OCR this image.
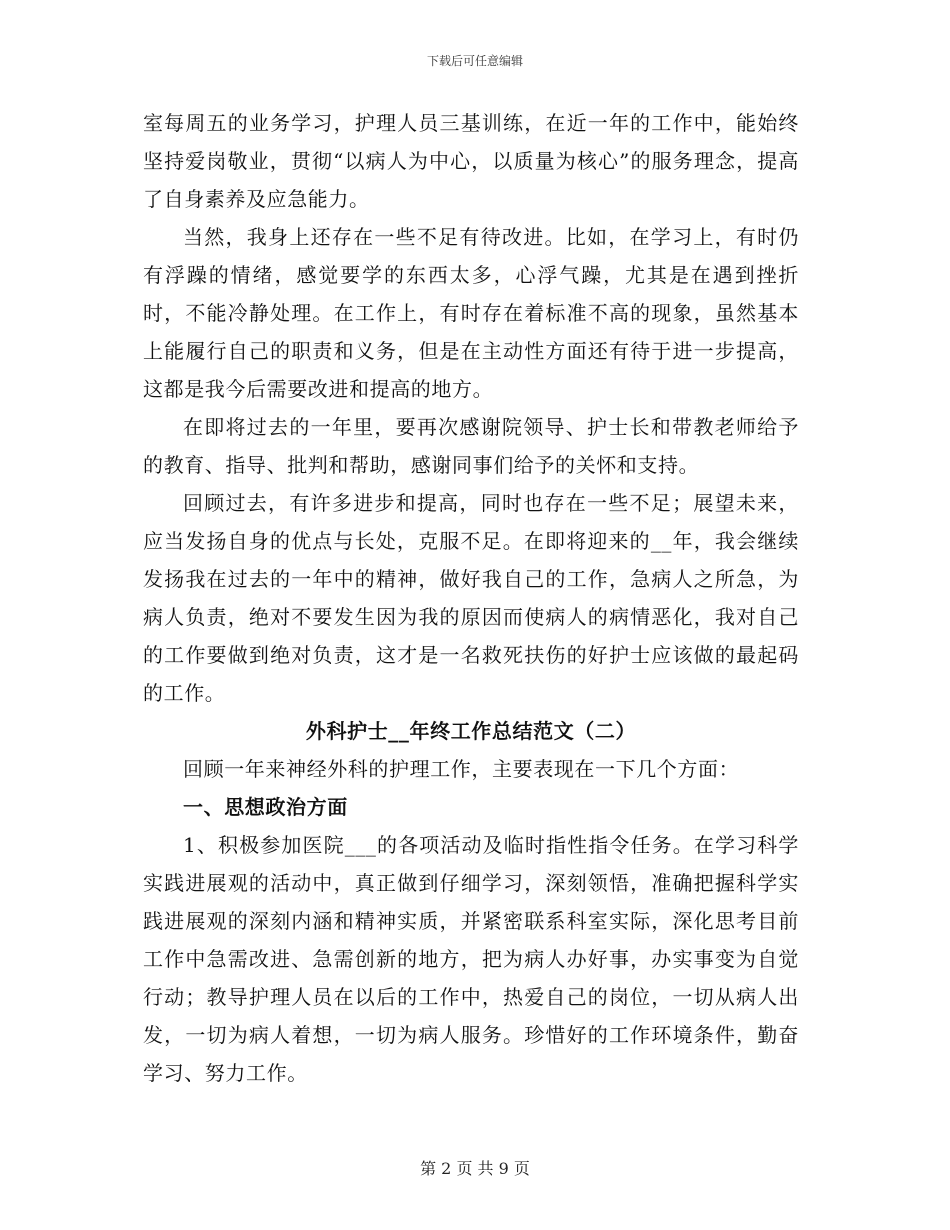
下载后可任意编辑

室每周五的业务学习，护理人员三基训练，在近一年的工作中，能始终坚持爱岗敬业，贯彻“以病人为中心，以质量为核心”的服务理念，提高了自身素养及应急能力。

当然，我身上还存在一些不足有待改进。比如，在学习上，有时仍有浮躁的情绪，感觉要学的东西太多，心浮气躁，尤其是在遇到挫折时，不能冷静处理。在工作上，有时存在着标准不高的现象，虽然基本上能履行自己的职责和义务，但是在主动性方面还有待于进一步提高，这都是我今后需要改进和提高的地方。

在即将过去的一年里，要再次感谢院领导、护士长和带教老师给予的教育、指导、批判和帮助，感谢同事们给予的关怀和支持。

回顾过去，有许多进步和提高，同时也存在一些不足；展望未来，应当发扬自身的优点与长处，克服不足。在即将迎来的__年，我会继续发扬我在过去的一年中的精神，做好我自己的工作，急病人之所急，为病人负责，绝对不要发生因为我的原因而使病人的病情恶化，我对自己的工作要做到绝对负责，这才是一名救死扶伤的好护士应该做的最起码的工作。

外科护士__年终工作总结范文（二）

回顾一年来神经外科的护理工作，主要表现在一下几个方面：

一、思想政治方面

1、积极参加医院___的各项活动及临时指性指令任务。在学习科学实践进展观的活动中，真正做到仔细学习，深刻领悟，准确把握科学实践进展观的深刻内涵和精神实质，并紧密联系科室实际，深化思考目前工作中急需改进、急需创新的地方，把为病人办好事，办实事变为自觉行动；教导护理人员在以后的工作中，热爱自己的岗位，一切从病人出发，一切为病人着想，一切为病人服务。珍惜好的工作环境条件，勤奋学习、努力工作。

第 2 页 共 9 页
